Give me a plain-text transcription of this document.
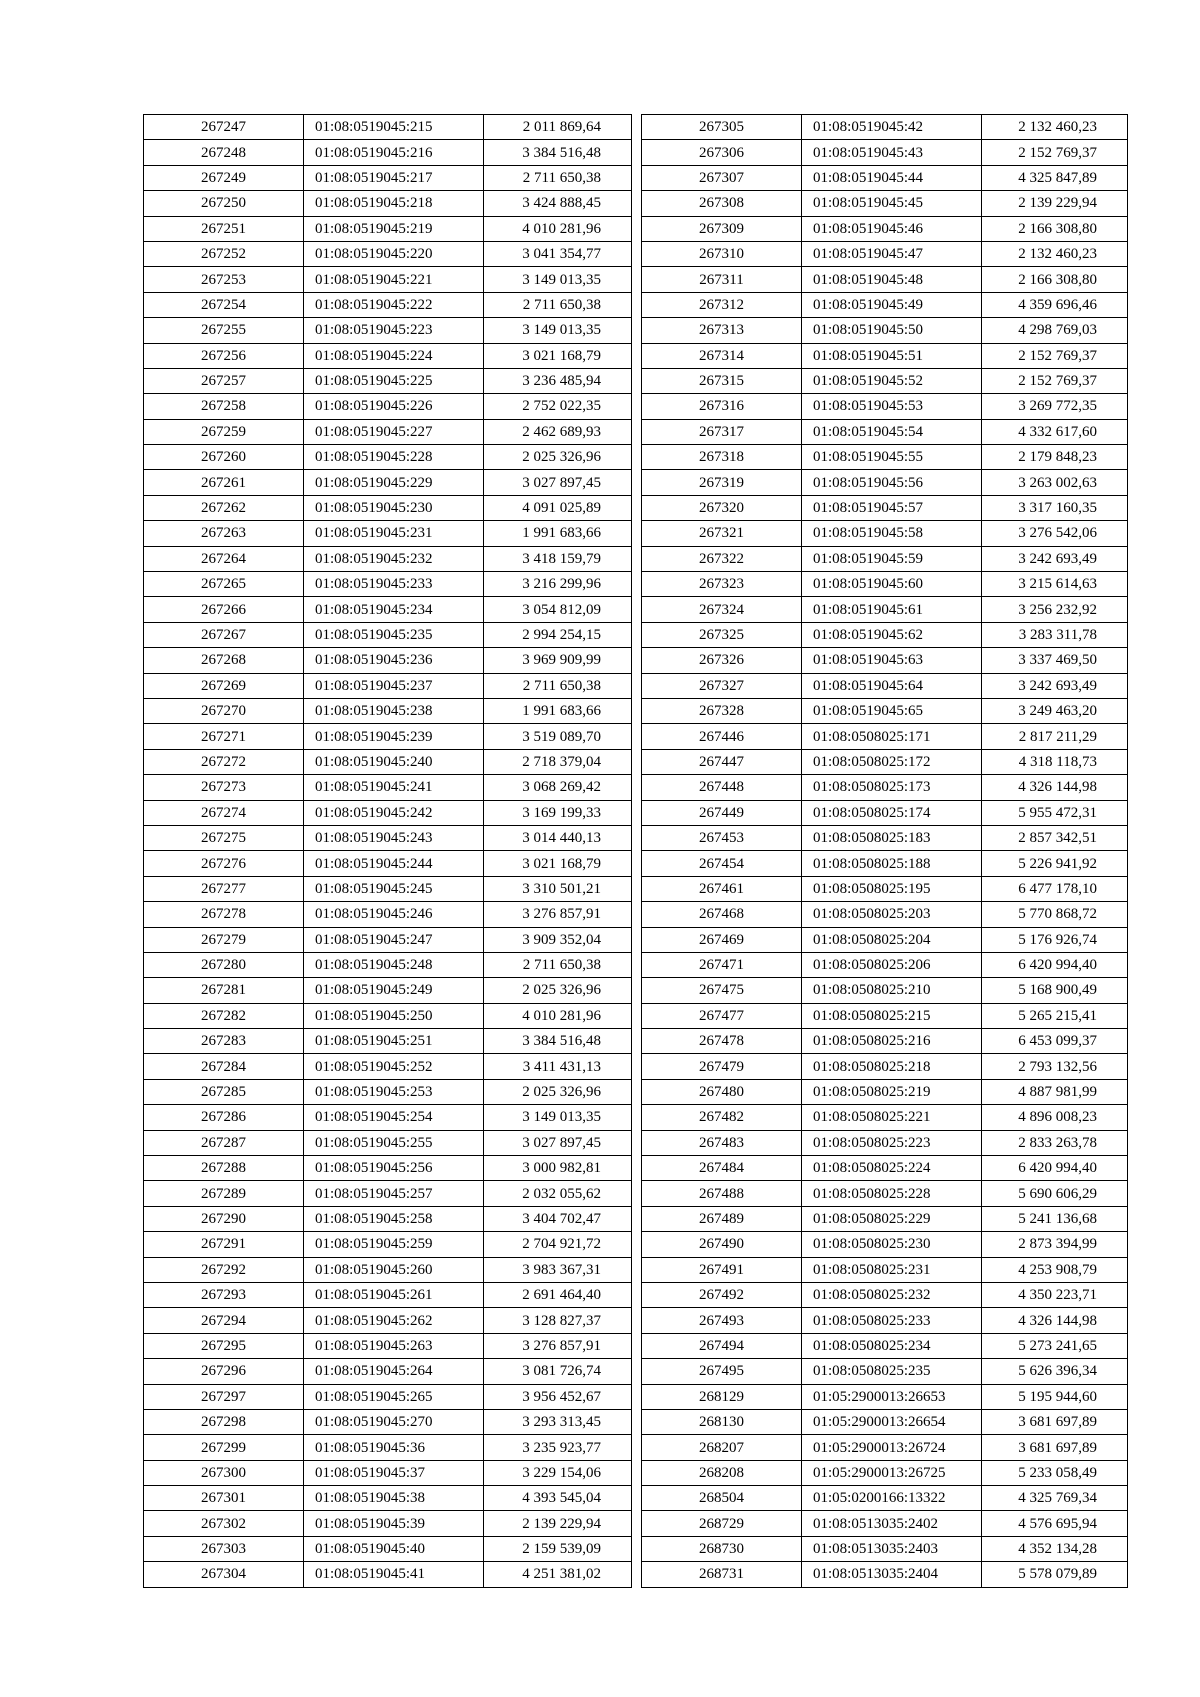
267247	01:08:0519045:215	2 011 869,64
267248	01:08:0519045:216	3 384 516,48
267249	01:08:0519045:217	2 711 650,38
267250	01:08:0519045:218	3 424 888,45
267251	01:08:0519045:219	4 010 281,96
267252	01:08:0519045:220	3 041 354,77
267253	01:08:0519045:221	3 149 013,35
267254	01:08:0519045:222	2 711 650,38
267255	01:08:0519045:223	3 149 013,35
267256	01:08:0519045:224	3 021 168,79
267257	01:08:0519045:225	3 236 485,94
267258	01:08:0519045:226	2 752 022,35
267259	01:08:0519045:227	2 462 689,93
267260	01:08:0519045:228	2 025 326,96
267261	01:08:0519045:229	3 027 897,45
267262	01:08:0519045:230	4 091 025,89
267263	01:08:0519045:231	1 991 683,66
267264	01:08:0519045:232	3 418 159,79
267265	01:08:0519045:233	3 216 299,96
267266	01:08:0519045:234	3 054 812,09
267267	01:08:0519045:235	2 994 254,15
267268	01:08:0519045:236	3 969 909,99
267269	01:08:0519045:237	2 711 650,38
267270	01:08:0519045:238	1 991 683,66
267271	01:08:0519045:239	3 519 089,70
267272	01:08:0519045:240	2 718 379,04
267273	01:08:0519045:241	3 068 269,42
267274	01:08:0519045:242	3 169 199,33
267275	01:08:0519045:243	3 014 440,13
267276	01:08:0519045:244	3 021 168,79
267277	01:08:0519045:245	3 310 501,21
267278	01:08:0519045:246	3 276 857,91
267279	01:08:0519045:247	3 909 352,04
267280	01:08:0519045:248	2 711 650,38
267281	01:08:0519045:249	2 025 326,96
267282	01:08:0519045:250	4 010 281,96
267283	01:08:0519045:251	3 384 516,48
267284	01:08:0519045:252	3 411 431,13
267285	01:08:0519045:253	2 025 326,96
267286	01:08:0519045:254	3 149 013,35
267287	01:08:0519045:255	3 027 897,45
267288	01:08:0519045:256	3 000 982,81
267289	01:08:0519045:257	2 032 055,62
267290	01:08:0519045:258	3 404 702,47
267291	01:08:0519045:259	2 704 921,72
267292	01:08:0519045:260	3 983 367,31
267293	01:08:0519045:261	2 691 464,40
267294	01:08:0519045:262	3 128 827,37
267295	01:08:0519045:263	3 276 857,91
267296	01:08:0519045:264	3 081 726,74
267297	01:08:0519045:265	3 956 452,67
267298	01:08:0519045:270	3 293 313,45
267299	01:08:0519045:36	3 235 923,77
267300	01:08:0519045:37	3 229 154,06
267301	01:08:0519045:38	4 393 545,04
267302	01:08:0519045:39	2 139 229,94
267303	01:08:0519045:40	2 159 539,09
267304	01:08:0519045:41	4 251 381,02
267305	01:08:0519045:42	2 132 460,23
267306	01:08:0519045:43	2 152 769,37
267307	01:08:0519045:44	4 325 847,89
267308	01:08:0519045:45	2 139 229,94
267309	01:08:0519045:46	2 166 308,80
267310	01:08:0519045:47	2 132 460,23
267311	01:08:0519045:48	2 166 308,80
267312	01:08:0519045:49	4 359 696,46
267313	01:08:0519045:50	4 298 769,03
267314	01:08:0519045:51	2 152 769,37
267315	01:08:0519045:52	2 152 769,37
267316	01:08:0519045:53	3 269 772,35
267317	01:08:0519045:54	4 332 617,60
267318	01:08:0519045:55	2 179 848,23
267319	01:08:0519045:56	3 263 002,63
267320	01:08:0519045:57	3 317 160,35
267321	01:08:0519045:58	3 276 542,06
267322	01:08:0519045:59	3 242 693,49
267323	01:08:0519045:60	3 215 614,63
267324	01:08:0519045:61	3 256 232,92
267325	01:08:0519045:62	3 283 311,78
267326	01:08:0519045:63	3 337 469,50
267327	01:08:0519045:64	3 242 693,49
267328	01:08:0519045:65	3 249 463,20
267446	01:08:0508025:171	2 817 211,29
267447	01:08:0508025:172	4 318 118,73
267448	01:08:0508025:173	4 326 144,98
267449	01:08:0508025:174	5 955 472,31
267453	01:08:0508025:183	2 857 342,51
267454	01:08:0508025:188	5 226 941,92
267461	01:08:0508025:195	6 477 178,10
267468	01:08:0508025:203	5 770 868,72
267469	01:08:0508025:204	5 176 926,74
267471	01:08:0508025:206	6 420 994,40
267475	01:08:0508025:210	5 168 900,49
267477	01:08:0508025:215	5 265 215,41
267478	01:08:0508025:216	6 453 099,37
267479	01:08:0508025:218	2 793 132,56
267480	01:08:0508025:219	4 887 981,99
267482	01:08:0508025:221	4 896 008,23
267483	01:08:0508025:223	2 833 263,78
267484	01:08:0508025:224	6 420 994,40
267488	01:08:0508025:228	5 690 606,29
267489	01:08:0508025:229	5 241 136,68
267490	01:08:0508025:230	2 873 394,99
267491	01:08:0508025:231	4 253 908,79
267492	01:08:0508025:232	4 350 223,71
267493	01:08:0508025:233	4 326 144,98
267494	01:08:0508025:234	5 273 241,65
267495	01:08:0508025:235	5 626 396,34
268129	01:05:2900013:26653	5 195 944,60
268130	01:05:2900013:26654	3 681 697,89
268207	01:05:2900013:26724	3 681 697,89
268208	01:05:2900013:26725	5 233 058,49
268504	01:05:0200166:13322	4 325 769,34
268729	01:08:0513035:2402	4 576 695,94
268730	01:08:0513035:2403	4 352 134,28
268731	01:08:0513035:2404	5 578 079,89
